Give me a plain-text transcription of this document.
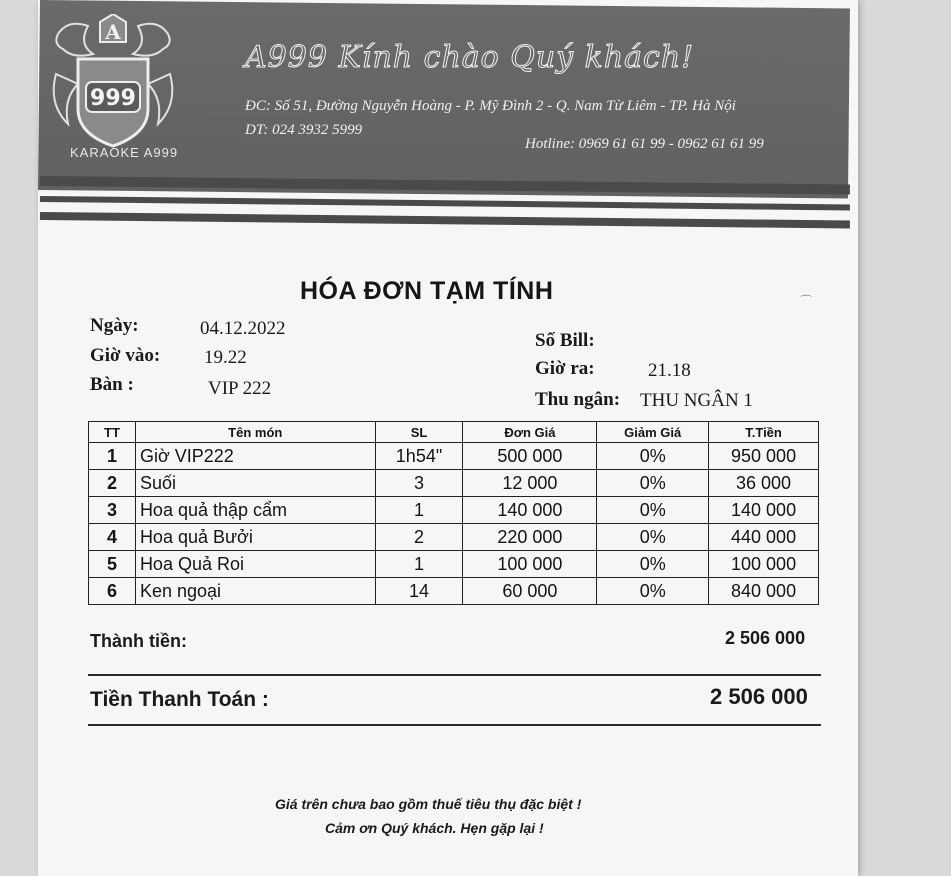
A
999
KARAOKE A999
A999 Kính chào Quý khách!
ĐC: Số 51, Đường Nguyễn Hoàng - P. Mỹ Đình 2 - Q. Nam Từ Liêm - TP. Hà Nội
DT: 024 3932 5999
Hotline: 0969 61 61 99 - 0962 61 61 99
⌒
HÓA ĐƠN TẠM TÍNH
Ngày:	04.12.2022
Giờ vào: 19.22
Bàn :	VIP 222
Số Bill:
Giờ ra:	21.18
Thu ngân: THU NGÂN 1
TT	Tên món	SL	Đơn Giá	Giảm Giá	T.Tiền
1	Giờ VIP222	1h54"	500 000	0%	950 000
2	Suối	3	12 000	0%	36 000
3	Hoa quả thập cẩm	1	140 000	0%	140 000
4	Hoa quả Bưởi	2	220 000	0%	440 000
5	Hoa Quả Roi	1	100 000	0%	100 000
6	Ken ngoại	14	60 000	0%	840 000
Thành tiền:	2 506 000
Tiền Thanh Toán :	2 506 000
Giá trên chưa bao gồm thuế tiêu thụ đặc biệt !
Cảm ơn Quý khách. Hẹn gặp lại !
